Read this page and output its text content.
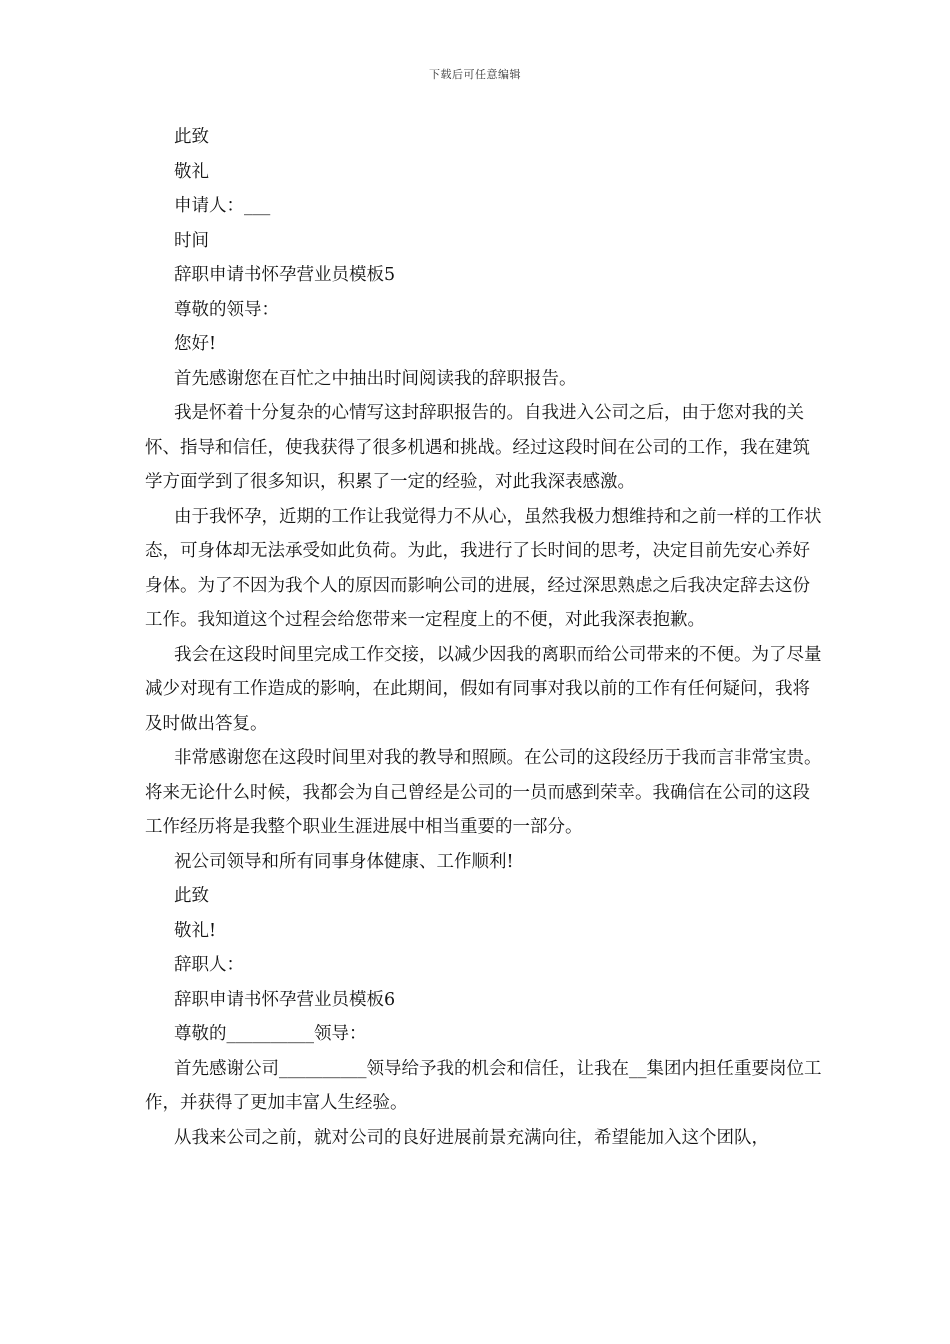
下载后可任意编辑

此致

敬礼

申请人：___

时间

辞职申请书怀孕营业员模板5

尊敬的领导：

您好!

首先感谢您在百忙之中抽出时间阅读我的辞职报告。

我是怀着十分复杂的心情写这封辞职报告的。自我进入公司之后，由于您对我的关怀、指导和信任，使我获得了很多机遇和挑战。经过这段时间在公司的工作，我在建筑学方面学到了很多知识，积累了一定的经验，对此我深表感激。

由于我怀孕，近期的工作让我觉得力不从心，虽然我极力想维持和之前一样的工作状态，可身体却无法承受如此负荷。为此，我进行了长时间的思考，决定目前先安心养好身体。为了不因为我个人的原因而影响公司的进展，经过深思熟虑之后我决定辞去这份工作。我知道这个过程会给您带来一定程度上的不便，对此我深表抱歉。

我会在这段时间里完成工作交接，以减少因我的离职而给公司带来的不便。为了尽量减少对现有工作造成的影响，在此期间，假如有同事对我以前的工作有任何疑问，我将及时做出答复。

非常感谢您在这段时间里对我的教导和照顾。在公司的这段经历于我而言非常宝贵。将来无论什么时候，我都会为自己曾经是公司的一员而感到荣幸。我确信在公司的这段工作经历将是我整个职业生涯进展中相当重要的一部分。

祝公司领导和所有同事身体健康、工作顺利!

此致

敬礼!

辞职人：

辞职申请书怀孕营业员模板6

尊敬的__________领导：

首先感谢公司__________领导给予我的机会和信任，让我在__集团内担任重要岗位工作，并获得了更加丰富人生经验。

从我来公司之前，就对公司的良好进展前景充满向往，希望能加入这个团队，
